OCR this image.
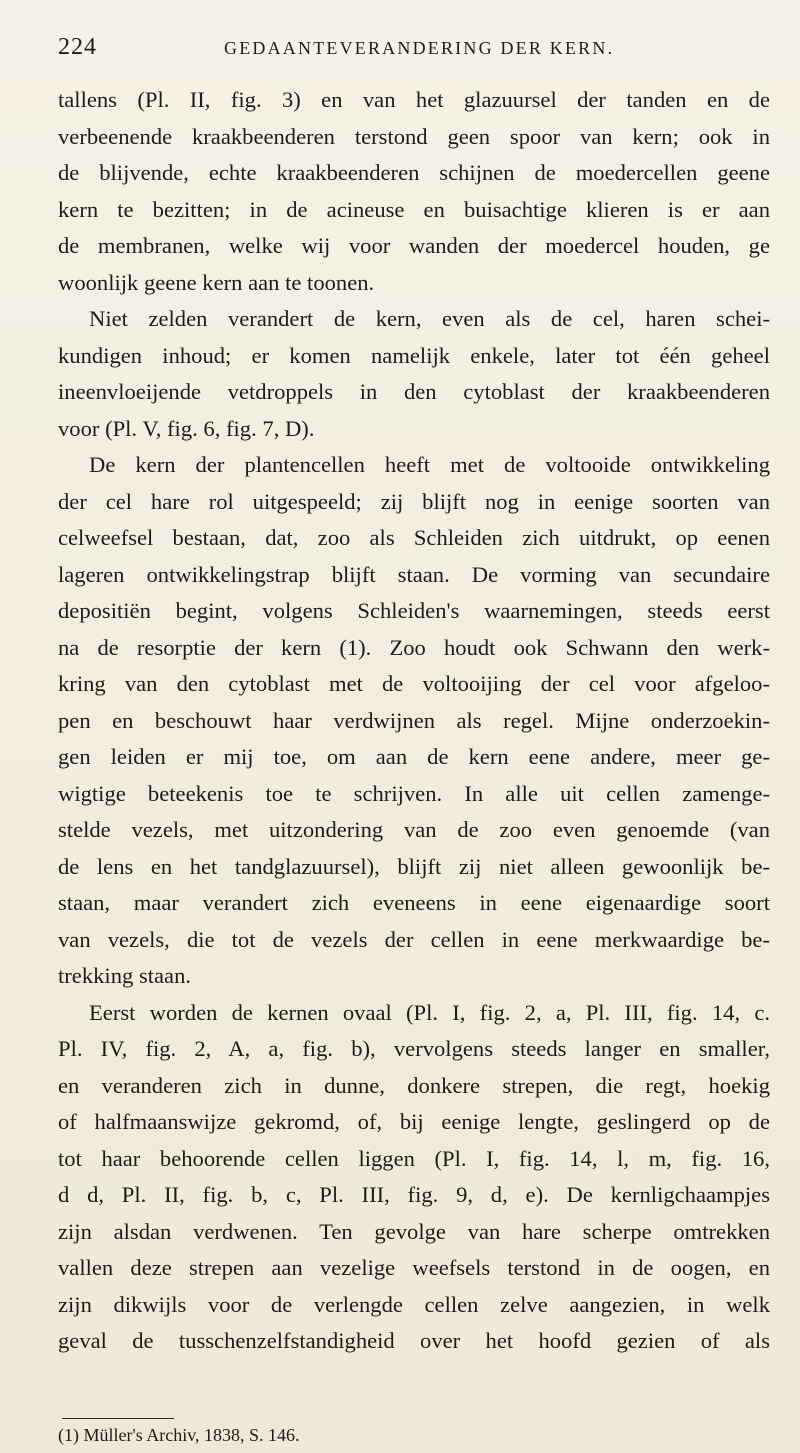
224	GEDAANTEVERANDERING DER KERN.
tallens (Pl. II, fig. 3) en van het glazuursel der tanden en de
verbeenende kraakbeenderen terstond geen spoor van kern; ook in
de blijvende, echte kraakbeenderen schijnen de moedercellen geene
kern te bezitten; in de acineuse en buisachtige klieren is er aan
de membranen, welke wij voor wanden der moedercel houden, ge
woonlijk geene kern aan te toonen.
Niet zelden verandert de kern, even als de cel, haren schei-
kundigen inhoud; er komen namelijk enkele, later tot één geheel
ineenvloeijende vetdroppels in den cytoblast der kraakbeenderen
voor (Pl. V, fig. 6, fig. 7, D).
De kern der plantencellen heeft met de voltooide ontwikkeling
der cel hare rol uitgespeeld; zij blijft nog in eenige soorten van
celweefsel bestaan, dat, zoo als Schleiden zich uitdrukt, op eenen
lageren ontwikkelingstrap blijft staan. De vorming van secundaire
depositiën begint, volgens Schleiden's waarnemingen, steeds eerst
na de resorptie der kern (1). Zoo houdt ook Schwann den werk-
kring van den cytoblast met de voltooijing der cel voor afgeloo-
pen en beschouwt haar verdwijnen als regel. Mijne onderzoekin-
gen leiden er mij toe, om aan de kern eene andere, meer ge-
wigtige beteekenis toe te schrijven. In alle uit cellen zamenge-
stelde vezels, met uitzondering van de zoo even genoemde (van
de lens en het tandglazuursel), blijft zij niet alleen gewoonlijk be-
staan, maar verandert zich eveneens in eene eigenaardige soort
van vezels, die tot de vezels der cellen in eene merkwaardige be-
trekking staan.
Eerst worden de kernen ovaal (Pl. I, fig. 2, a, Pl. III, fig. 14, c.
Pl. IV, fig. 2, A, a, fig. b), vervolgens steeds langer en smaller,
en veranderen zich in dunne, donkere strepen, die regt, hoekig
of halfmaanswijze gekromd, of, bij eenige lengte, geslingerd op de
tot haar behoorende cellen liggen (Pl. I, fig. 14, l, m, fig. 16,
d d, Pl. II, fig. b, c, Pl. III, fig. 9, d, e). De kernligchaampjes
zijn alsdan verdwenen. Ten gevolge van hare scherpe omtrekken
vallen deze strepen aan vezelige weefsels terstond in de oogen, en
zijn dikwijls voor de verlengde cellen zelve aangezien, in welk
geval de tusschenzelfstandigheid over het hoofd gezien of als
(1) Müller's Archiv, 1838, S. 146.
